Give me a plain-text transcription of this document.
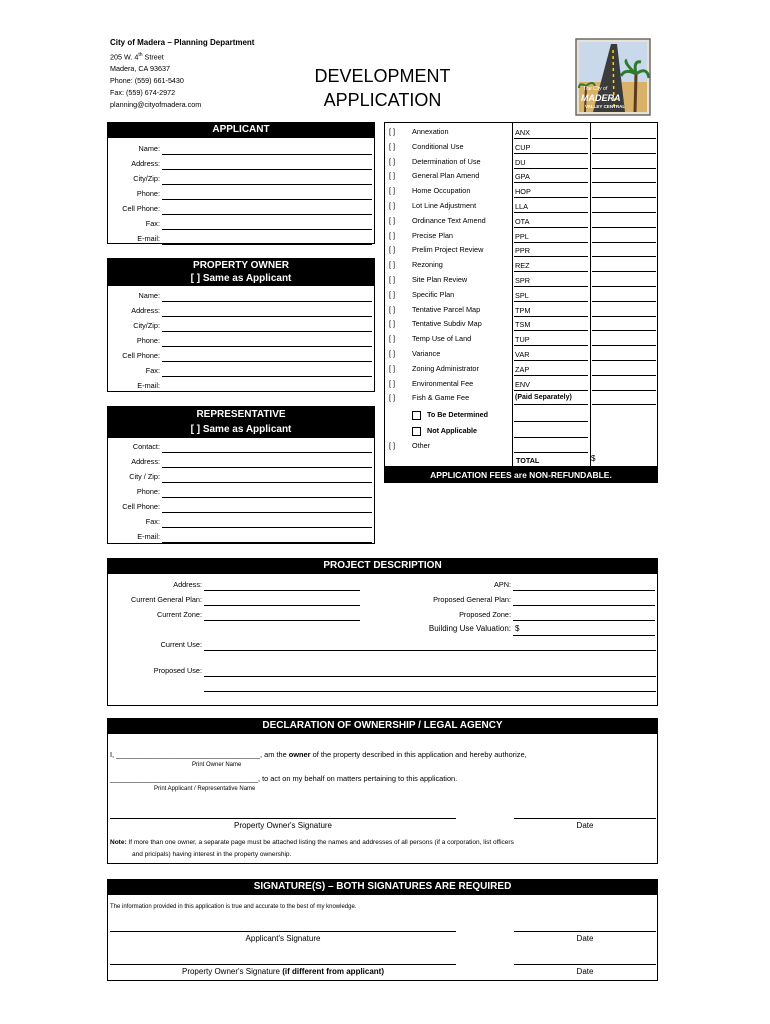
City of Madera – Planning Department
205 W. 4th Street
Madera, CA 93637
Phone: (559) 661-5430
Fax: (559) 674-2972
planning@cityofmadera.com
DEVELOPMENT
APPLICATION
The City of
MADERA
VALLEY CENTRAL
APPLICANT
Name:
Address:
City/Zip:
Phone:
Cell Phone:
Fax:
E-mail:
PROPERTY OWNER
[ ] Same as Applicant
Name:
Address:
City/Zip:
Phone:
Cell Phone:
Fax:
E-mail:
REPRESENTATIVE
[ ] Same as Applicant
Contact:
Address:
City / Zip:
Phone:
Cell Phone:
Fax:
E-mail:
[ ] Annexation	ANX
[ ] Conditional Use	CUP
[ ] Determination of Use	DU
[ ] General Plan Amend	GPA
[ ] Home Occupation	HOP
[ ] Lot Line Adjustment	LLA
[ ] Ordinance Text Amend	OTA
[ ] Precise Plan	PPL
[ ] Prelim Project Review	PPR
[ ] Rezoning	REZ
[ ] Site Plan Review	SPR
[ ] Specific Plan	SPL
[ ] Tentative Parcel Map	TPM
[ ] Tentative Subdiv Map	TSM
[ ] Temp Use of Land	TUP
[ ] Variance	VAR
[ ] Zoning Administrator	ZAP
[ ] Environmental Fee	ENV
[ ] Fish & Game Fee	(Paid Separately)
To Be Determined
Not Applicable
[ ] Other
TOTAL	$
APPLICATION FEES are NON-REFUNDABLE.
PROJECT DESCRIPTION
Address:
Current General Plan:
Current Zone:
APN:
Proposed General Plan:
Proposed Zone:
Building Use Valuation: $
Current Use:
Proposed Use:
DECLARATION OF OWNERSHIP / LEGAL AGENCY
I, ___________________________________, am the owner of the property described in this application and hereby authorize,
Print Owner Name
____________________________________, to act on my behalf on matters pertaining to this application.
Print Applicant / Representative Name
Property Owner's Signature	Date
Note: If more than one owner, a separate page must be attached listing the names and addresses of all persons (if a corporation, list officers
and pricipals) having interest in the property ownership.
SIGNATURE(S) – BOTH SIGNATURES ARE REQUIRED
The information provided in this application is true and accurate to the best of my knowledge.
Applicant's Signature	Date
Property Owner's Signature (if different from applicant)	Date
